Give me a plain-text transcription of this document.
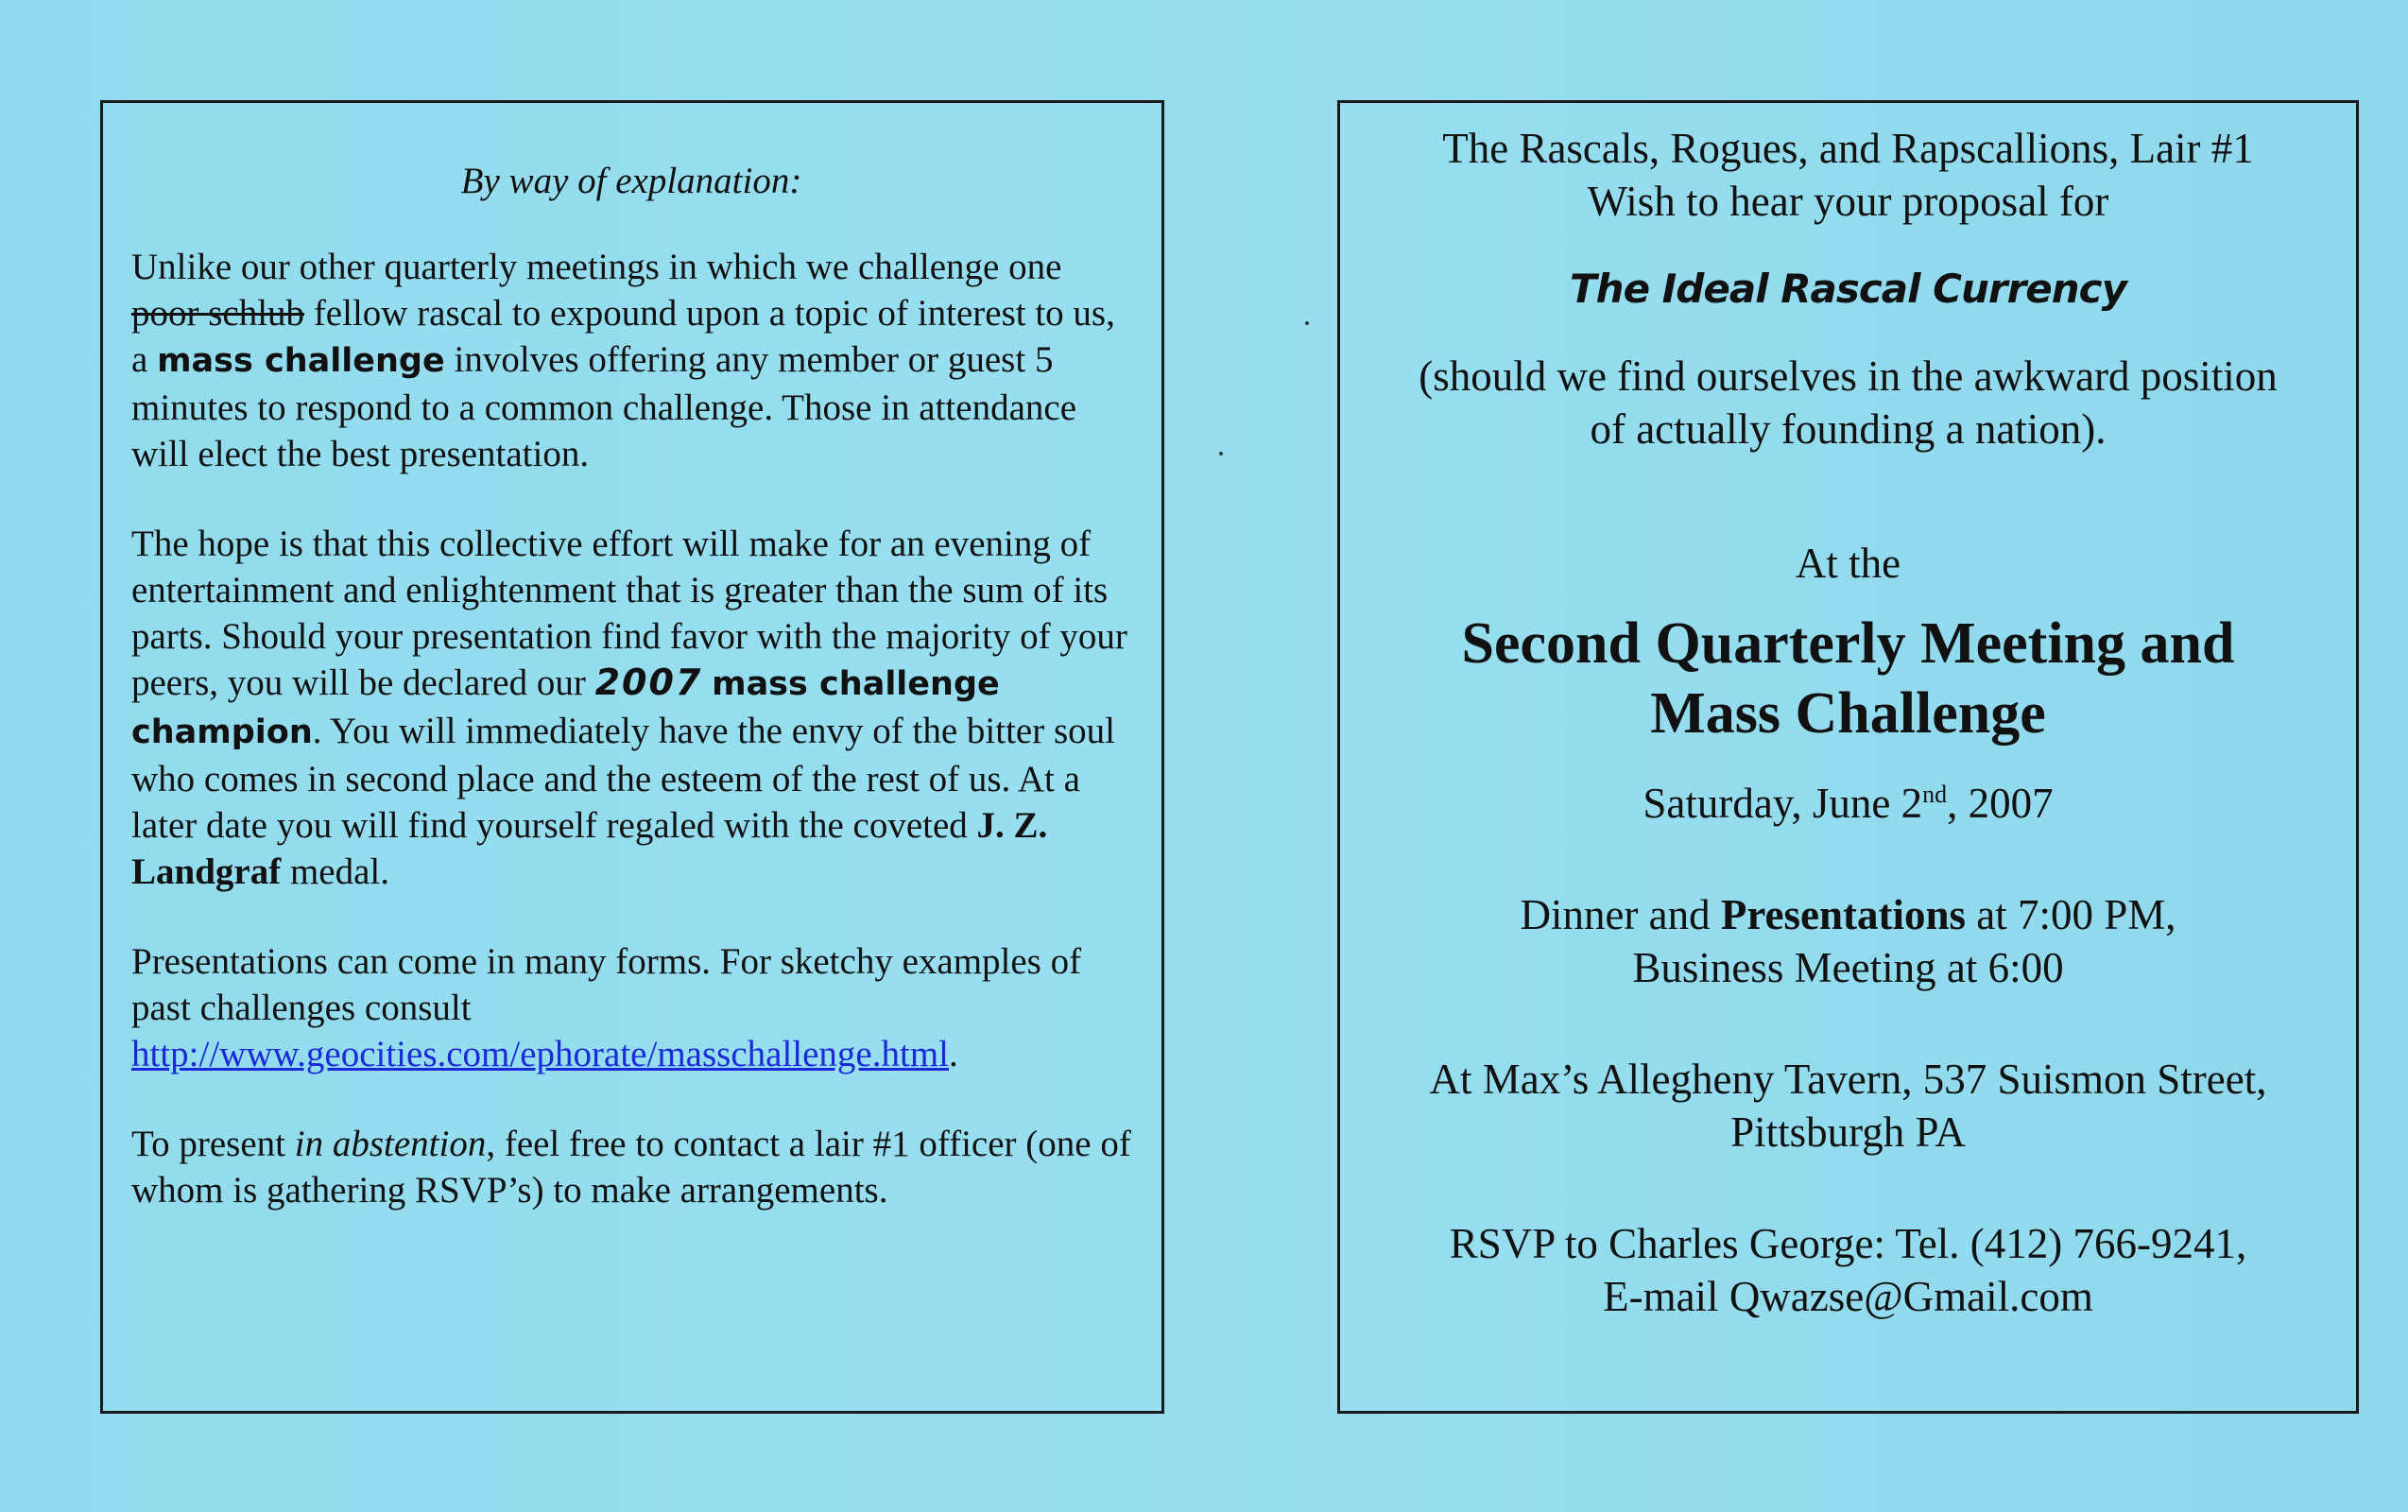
By way of explanation:

Unlike our other quarterly meetings in which we challenge one poor schlub fellow rascal to expound upon a topic of interest to us, a mass challenge involves offering any member or guest 5 minutes to respond to a common challenge. Those in attendance will elect the best presentation.

The hope is that this collective effort will make for an evening of entertainment and enlightenment that is greater than the sum of its parts. Should your presentation find favor with the majority of your peers, you will be declared our 2007 mass challenge champion. You will immediately have the envy of the bitter soul who comes in second place and the esteem of the rest of us. At a later date you will find yourself regaled with the coveted J. Z. Landgraf medal.

Presentations can come in many forms. For sketchy examples of past challenges consult
http://www.geocities.com/ephorate/masschallenge.html.

To present in abstention, feel free to contact a lair #1 officer (one of whom is gathering RSVP’s) to make arrangements.

The Rascals, Rogues, and Rapscallions, Lair #1

Wish to hear your proposal for

The Ideal Rascal Currency

(should we find ourselves in the awkward position

of actually founding a nation).

At the

Second Quarterly Meeting and
Mass Challenge

Saturday, June 2nd, 2007

Dinner and Presentations at 7:00 PM,

Business Meeting at 6:00

At Max’s Allegheny Tavern, 537 Suismon Street,

Pittsburgh PA

RSVP to Charles George: Tel. (412) 766-9241,

E-mail Qwazse@Gmail.com
